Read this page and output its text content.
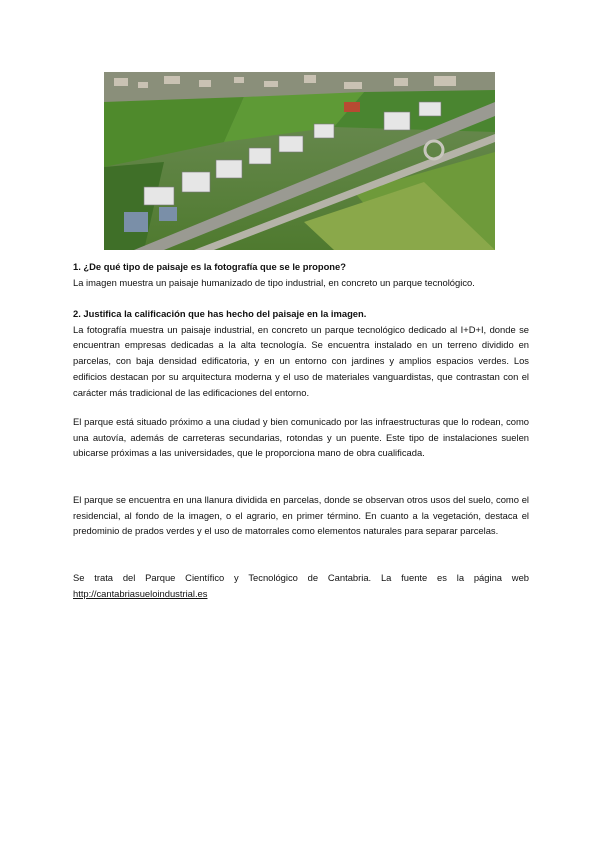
1. ¿De qué tipo de paisaje es la fotografía que se le propone?

La imagen muestra un paisaje humanizado de tipo industrial, en concreto un parque tecnológico.

2. Justifica la calificación que has hecho del paisaje en la imagen.

La fotografía muestra un paisaje industrial, en concreto un parque tecnológico dedicado al I+D+I, donde se encuentran empresas dedicadas a la alta tecnología. Se encuentra instalado en un terreno dividido en parcelas, con baja densidad edificatoria, y en un entorno con jardines y amplios espacios verdes. Los edificios destacan por su arquitectura moderna y el uso de materiales vanguardistas, que contrastan con el carácter más tradicional de las edificaciones del entorno.

El parque está situado próximo a una ciudad y bien comunicado por las infraestructuras que lo rodean, como una autovía, además de carreteras secundarias, rotondas y un puente. Este tipo de instalaciones suelen ubicarse próximas a las universidades, que le proporciona mano de obra cualificada.

El parque se encuentra en una llanura dividida en parcelas, donde se observan otros usos del suelo, como el residencial, al fondo de la imagen, o el agrario, en primer término. En cuanto a la vegetación, destaca el predominio de prados verdes y el uso de matorrales como elementos naturales para separar parcelas.

Se trata del Parque Científico y Tecnológico de Cantabria. La fuente es la página web http://cantabriasueloindustrial.es
